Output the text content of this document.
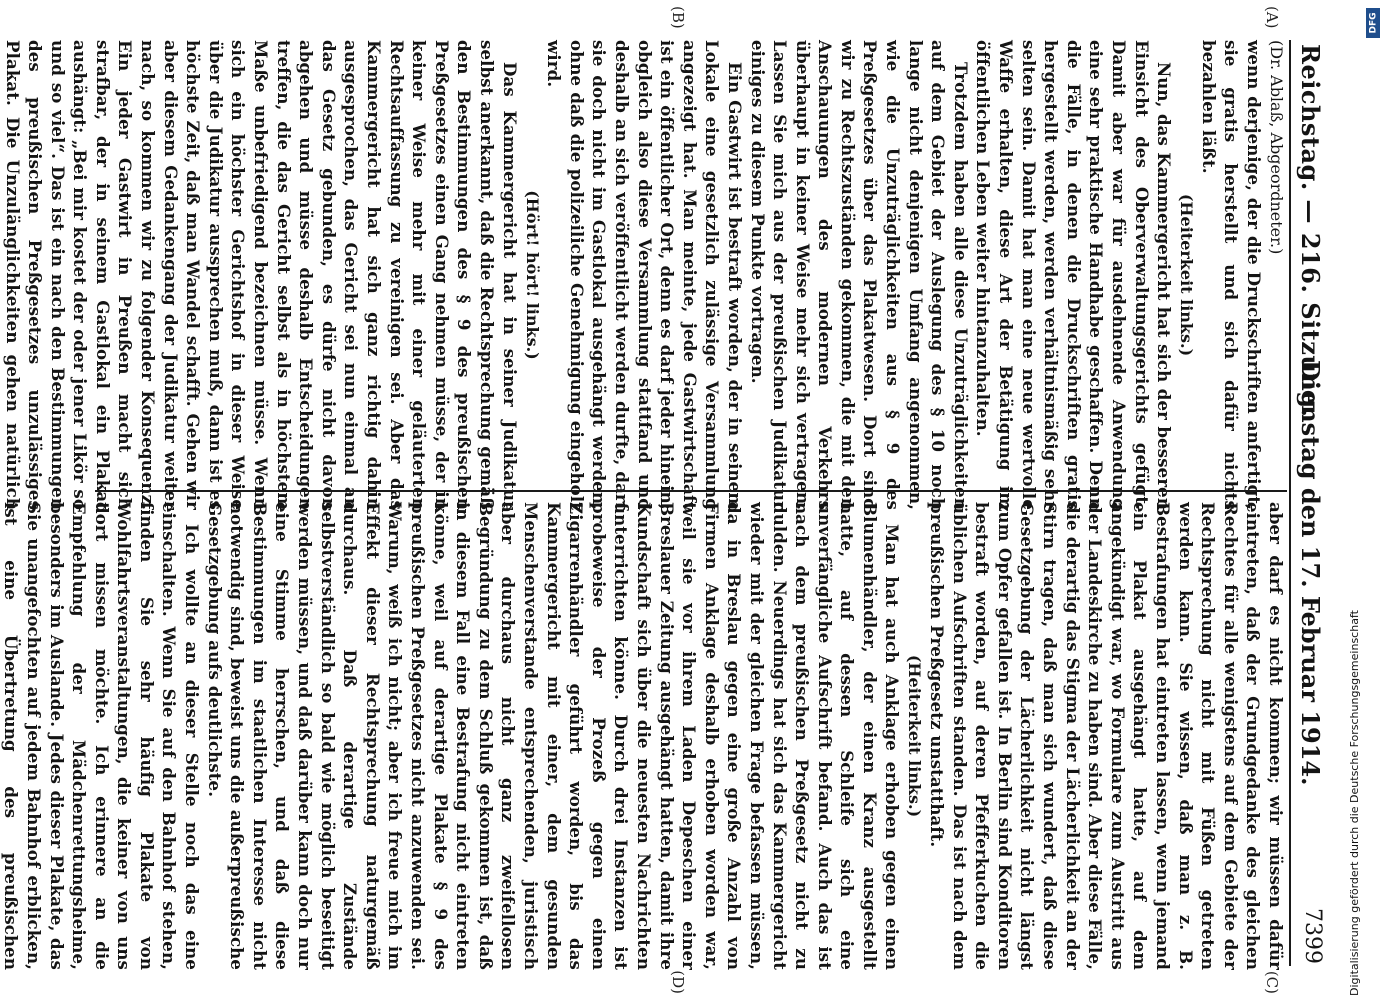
Reichstag. — 216. Sitzung.
Dienstag den 17. Februar 1914.
7399
(A)
(B)
(C)
(D)

(Dr. Ablaß, Abgeordneter.)

wenn derjenige, der die Druckschriften anfertigt, sie gratis herstellt und sich dafür nichts bezahlen läßt.

(Heiterkeit links.)

Nun, das Kammergericht hat sich der besseren Einsicht des Oberverwaltungsgerichts gefügt. Damit aber war für ausdehnende Anwendung eine sehr praktische Handhabe geschaffen. Denn die Fälle, in denen die Druckschriften gratis hergestellt werden, werden verhältnismäßig sehr selten sein. Damit hat man eine neue wertvolle Waffe erhalten, diese Art der Betätigung im öffentlichen Leben weiter hintanzuhalten.

Trotzdem haben alle diese Unzuträglichkeiten auf dem Gebiet der Auslegung des § 10 noch lange nicht denjenigen Umfang angenommen, wie die Unzuträglichkeiten aus § 9 des Preßgesetzes über das Plakatwesen. Dort sind wir zu Rechtszuständen gekommen, die mit den Anschauungen des modernen Verkehrs überhaupt in keiner Weise mehr sich vertragen. Lassen Sie mich aus der preußischen Judikatur einiges zu diesem Punkte vortragen.

Ein Gastwirt ist bestraft worden, der in seinem Lokale eine gesetzlich zulässige Versammlung angezeigt hat. Man meinte, jede Gastwirtschaft ist ein öffentlicher Ort, denn es darf jeder hinein; obgleich also diese Versammlung stattfand und deshalb an sich veröffentlicht werden durfte, darf sie doch nicht im Gastlokal ausgehängt werden, ohne daß die polizeiliche Genehmigung eingeholt wird.

(Hört! hört! links.)

Das Kammergericht hat in seiner Judikatur selbst anerkannt, daß die Rechtsprechung gemäß den Bestimmungen des § 9 des preußischen Preßgesetzes einen Gang nehmen müsse, der in keiner Weise mehr mit einer geläuterten Rechtsauffassung zu vereinigen sei. Aber das Kammergericht hat sich ganz richtig dahin ausgesprochen, das Gericht sei nun einmal an das Gesetz gebunden, es dürfe nicht davon abgehen und müsse deshalb Entscheidungen treffen, die das Gericht selbst als in höchstem Maße unbefriedigend bezeichnen müsse. Wenn sich ein höchster Gerichtshof in dieser Weise über die Judikatur aussprechen muß, dann ist es höchste Zeit, daß man Wandel schafft. Gehen wir aber diesem Gedankengang der Judikatur weiter nach, so kommen wir zu folgender Konsequenz. Ein jeder Gastwirt in Preußen macht sich strafbar, der in seinem Gastlokal ein Plakat aushängt: „Bei mir kostet der oder jener Likör so und so viel“. Das ist ein nach den Bestimmungen des preußischen Preßgesetzes unzulässiges Plakat. Die Unzulänglichkeiten gehen natürlich

aber darf es nicht kommen; wir müssen dafür eintreten, daß der Grundgedanke des gleichen Rechtes für alle wenigstens auf dem Gebiete der Rechtsprechung nicht mit Füßen getreten werden kann. Sie wissen, daß man z. B. Bestrafungen hat eintreten lassen, wenn jemand ein Plakat ausgehängt hatte, auf dem angekündigt war, wo Formulare zum Austritt aus der Landeskirche zu haben sind. Aber diese Fälle, die derartig das Stigma der Lächerlichkeit an der Stirn tragen, daß man sich wundert, daß diese Gesetzgebung der Lächerlichkeit nicht längst zum Opfer gefallen ist. In Berlin sind Konditoren bestraft worden, auf deren Pfefferkuchen die üblichen Aufschriften standen. Das ist nach dem preußischen Preßgesetz unstatthaft.

(Heiterkeit links.)

Man hat auch Anklage erhoben gegen einen Blumenhändler, der einen Kranz ausgestellt hatte, auf dessen Schleife sich eine unverfängliche Aufschrift befand. Auch das ist nach dem preußischen Preßgesetz nicht zu dulden. Neuerdings hat sich das Kammergericht wieder mit der gleichen Frage befassen müssen, da in Breslau gegen eine große Anzahl von Firmen Anklage deshalb erhoben worden war, weil sie vor ihrem Laden Depeschen einer Breslauer Zeitung ausgehängt hatten, damit ihre Kundschaft sich über die neuesten Nachrichten unterrichten könne. Durch drei Instanzen ist probeweise der Prozeß gegen einen Zigarrenhändler geführt worden, bis das Kammergericht mit einer, dem gesunden Menschenverstande entsprechenden, juristisch aber durchaus nicht ganz zweifellosen Begründung zu dem Schluß gekommen ist, daß in diesem Fall eine Bestrafung nicht eintreten könne, weil auf derartige Plakate § 9 des preußischen Preßgesetzes nicht anzuwenden sei. Warum, weiß ich nicht; aber ich freue mich im Effekt dieser Rechtsprechung naturgemäß durchaus. Daß derartige Zustände selbstverständlich so bald wie möglich beseitigt werden müssen, und daß darüber kann doch nur eine Stimme herrschen, und daß diese Bestimmungen im staatlichen Interesse nicht notwendig sind, beweist uns die außerpreußische Gesetzgebung aufs deutlichste.

Ich wollte an dieser Stelle noch das eine einschalten. Wenn Sie auf den Bahnhof stehen, finden Sie sehr häufig Plakate von Wohlfahrtsveranstaltungen, die keiner von uns dort missen möchte. Ich erinnere an die Empfehlung der Mädchenrettungsheime, besonders im Auslande. Jedes dieser Plakate, das Sie unangefochten auf jedem Bahnhof erblicken, ist eine Übertretung des preußischen

DFG
Digitalisierung gefördert durch die Deutsche Forschungsgemeinschaft
